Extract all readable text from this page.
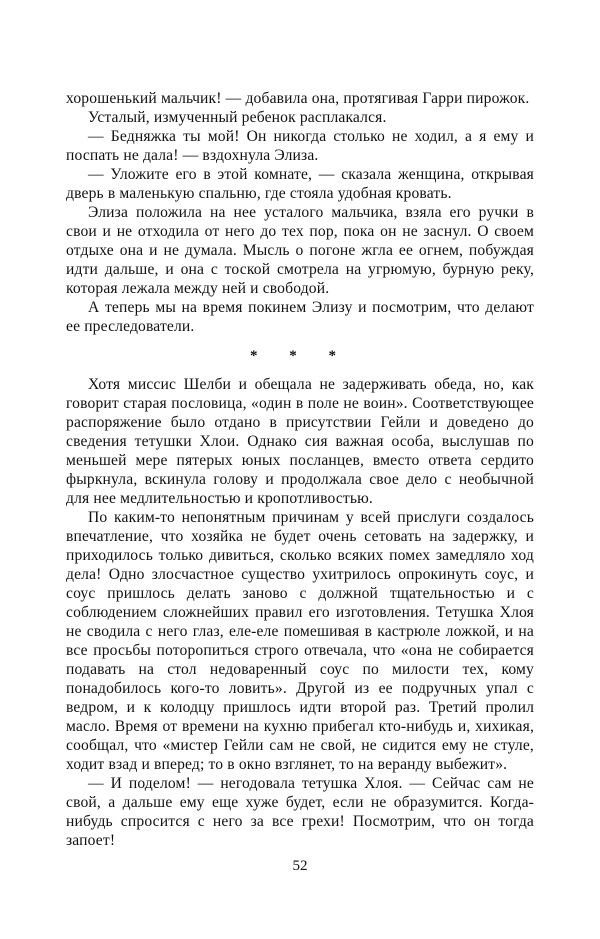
хорошенький мальчик! — добавила она, протягивая Гарри пирожок.

Усталый, измученный ребенок расплакался.

— Бедняжка ты мой! Он никогда столько не ходил, а я ему и поспать не дала! — вздохнула Элиза.

— Уложите его в этой комнате, — сказала женщина, открывая дверь в маленькую спальню, где стояла удобная кровать.

Элиза положила на нее усталого мальчика, взяла его ручки в свои и не отходила от него до тех пор, пока он не заснул. О своем отдыхе она и не думала. Мысль о погоне жгла ее огнем, побуждая идти дальше, и она с тоской смотрела на угрюмую, бурную реку, которая лежала между ней и свободой.

А теперь мы на время покинем Элизу и посмотрим, что делают ее преследователи.

* * *

Хотя миссис Шелби и обещала не задерживать обеда, но, как говорит старая пословица, «один в поле не воин». Соответствующее распоряжение было отдано в присутствии Гейли и доведено до сведения тетушки Хлои. Однако сия важная особа, выслушав по меньшей мере пятерых юных посланцев, вместо ответа сердито фыркнула, вскинула голову и продолжала свое дело с необычной для нее медлительностью и кропотливостью.

По каким-то непонятным причинам у всей прислуги создалось впечатление, что хозяйка не будет очень сетовать на задержку, и приходилось только дивиться, сколько всяких помех замедляло ход дела! Одно злосчастное существо ухитрилось опрокинуть соус, и соус пришлось делать заново с должной тщательностью и с соблюдением сложнейших правил его изготовления. Тетушка Хлоя не сводила с него глаз, еле-еле помешивая в кастрюле ложкой, и на все просьбы поторопиться строго отвечала, что «она не собирается подавать на стол недоваренный соус по милости тех, кому понадобилось кого-то ловить». Другой из ее подручных упал с ведром, и к колодцу пришлось идти второй раз. Третий пролил масло. Время от времени на кухню прибегал кто-нибудь и, хихикая, сообщал, что «мистер Гейли сам не свой, не сидится ему не стуле, ходит взад и вперед; то в окно взглянет, то на веранду выбежит».

— И поделом! — негодовала тетушка Хлоя. — Сейчас сам не свой, а дальше ему еще хуже будет, если не образумится. Когда-нибудь спросится с него за все грехи! Посмотрим, что он тогда запоет!

52
